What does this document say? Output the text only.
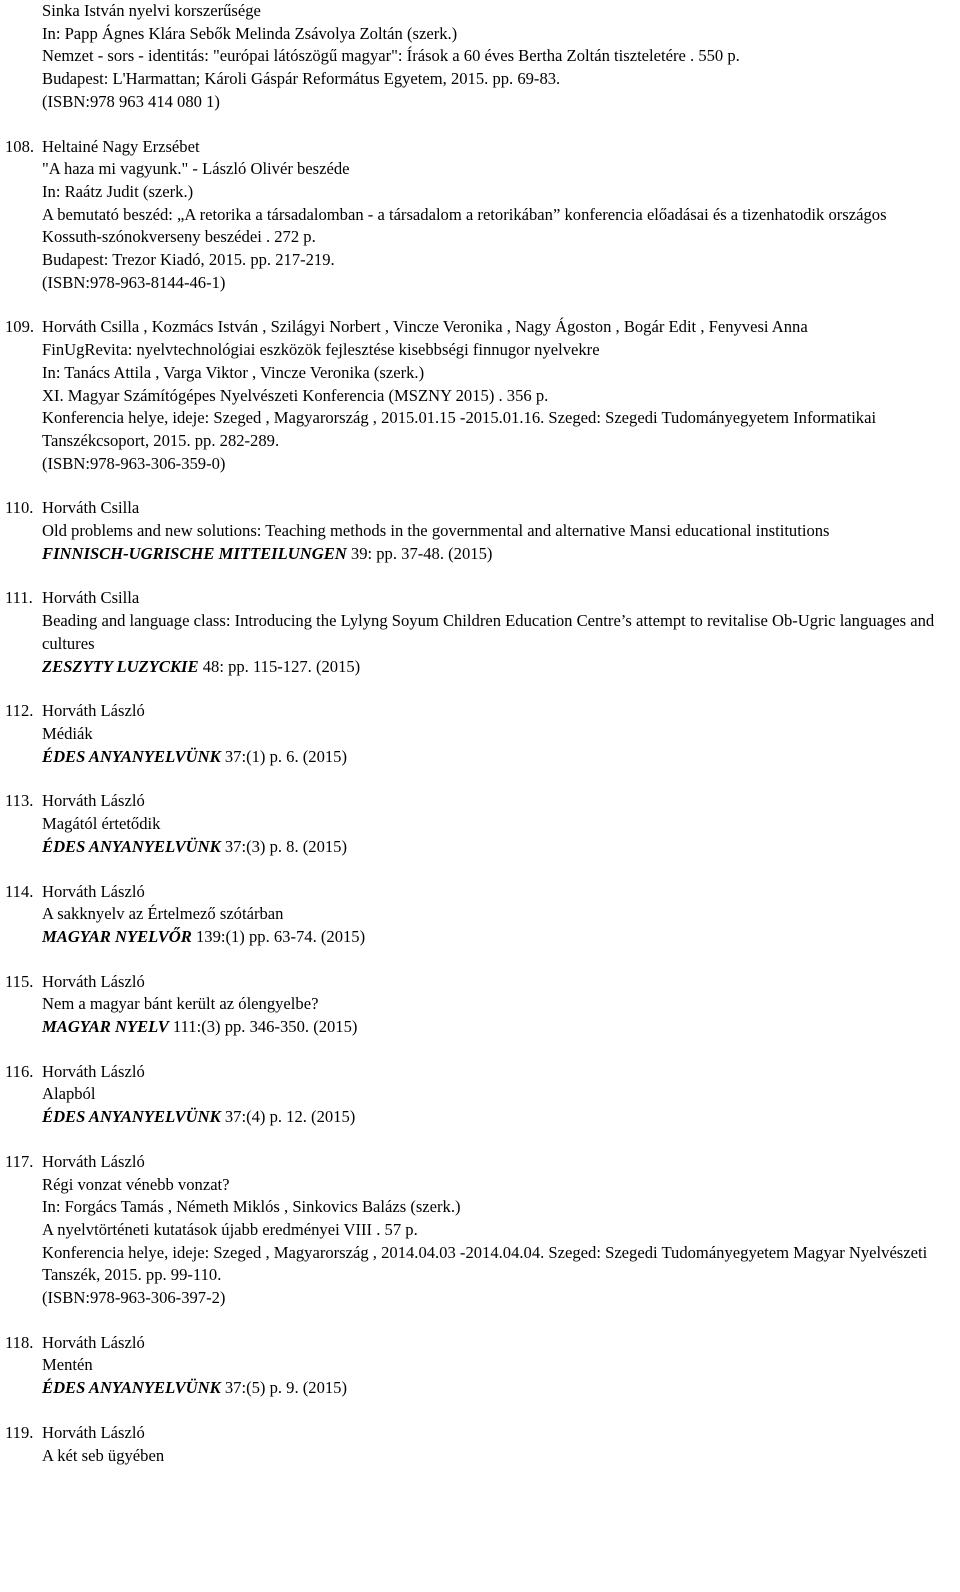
Sinka István nyelvi korszerűsége
In: Papp Ágnes Klára Sebők Melinda Zsávolya Zoltán (szerk.)
Nemzet - sors - identitás: "európai látószögű magyar": Írások a 60 éves Bertha Zoltán tiszteletére . 550 p.
Budapest: L'Harmattan; Károli Gáspár Református Egyetem, 2015. pp. 69-83.
(ISBN:978 963 414 080 1)
108. Heltainé Nagy Erzsébet
"A haza mi vagyunk." - László Olivér beszéde
In: Raátz Judit (szerk.)
A bemutató beszéd: „A retorika a társadalomban - a társadalom a retorikában” konferencia előadásai és a tizenhatodik országos Kossuth-szónokverseny beszédei . 272 p.
Budapest: Trezor Kiadó, 2015. pp. 217-219.
(ISBN:978-963-8144-46-1)
109. Horváth Csilla , Kozmács István , Szilágyi Norbert , Vincze Veronika , Nagy Ágoston , Bogár Edit , Fenyvesi Anna
FinUgRevita: nyelvtechnológiai eszközök fejlesztése kisebbségi finnugor nyelvekre
In: Tanács Attila , Varga Viktor , Vincze Veronika (szerk.)
XI. Magyar Számítógépes Nyelvészeti Konferencia (MSZNY 2015) . 356 p.
Konferencia helye, ideje: Szeged , Magyarország , 2015.01.15 -2015.01.16. Szeged: Szegedi Tudományegyetem Informatikai Tanszékcsoport, 2015. pp. 282-289.
(ISBN:978-963-306-359-0)
110. Horváth Csilla
Old problems and new solutions: Teaching methods in the governmental and alternative Mansi educational institutions
FINNISCH-UGRISCHE MITTEILUNGEN 39: pp. 37-48. (2015)
111. Horváth Csilla
Beading and language class: Introducing the Lylyng Soyum Children Education Centre’s attempt to revitalise Ob-Ugric languages and cultures
ZESZYTY LUZYCKIE 48: pp. 115-127. (2015)
112. Horváth László
Médiák
ÉDES ANYANYELVÜNK 37:(1) p. 6. (2015)
113. Horváth László
Magától értetődik
ÉDES ANYANYELVÜNK 37:(3) p. 8. (2015)
114. Horváth László
A sakknyelv az Értelmező szótárban
MAGYAR NYELVŐR 139:(1) pp. 63-74. (2015)
115. Horváth László
Nem a magyar bánt került az ólengyelbe?
MAGYAR NYELV 111:(3) pp. 346-350. (2015)
116. Horváth László
Alapból
ÉDES ANYANYELVÜNK 37:(4) p. 12. (2015)
117. Horváth László
Régi vonzat vénebb vonzat?
In: Forgács Tamás , Németh Miklós , Sinkovics Balázs (szerk.)
A nyelvtörténeti kutatások újabb eredményei VIII . 57 p.
Konferencia helye, ideje: Szeged , Magyarország , 2014.04.03 -2014.04.04. Szeged: Szegedi Tudományegyetem Magyar Nyelvészeti Tanszék, 2015. pp. 99-110.
(ISBN:978-963-306-397-2)
118. Horváth László
Mentén
ÉDES ANYANYELVÜNK 37:(5) p. 9. (2015)
119. Horváth László
A két seb ügyében
